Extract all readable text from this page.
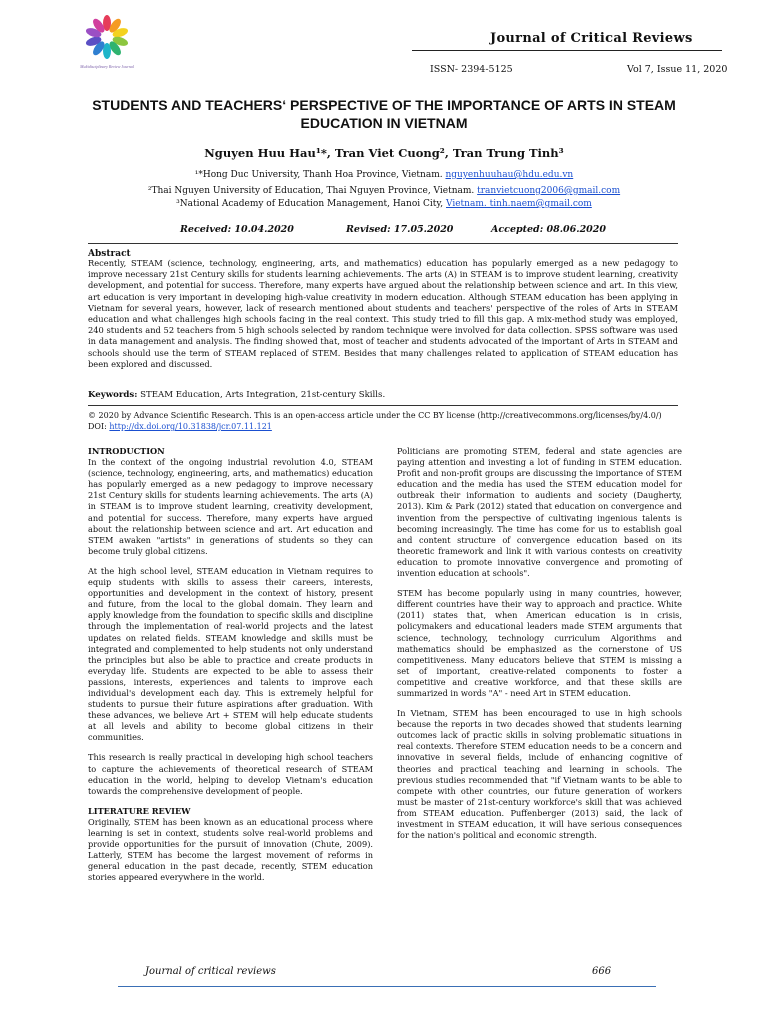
Multidisciplinary Review Journal
Journal of Critical Reviews
ISSN- 2394-5125	Vol 7, Issue 11, 2020
STUDENTS AND TEACHERS‘ PERSPECTIVE OF THE IMPORTANCE OF ARTS IN STEAM EDUCATION IN VIETNAM
Nguyen Huu Hau¹*, Tran Viet Cuong², Tran Trung Tinh³
¹*Hong Duc University, Thanh Hoa Province, Vietnam. nguyenhuuhau@hdu.edu.vn
²Thai Nguyen University of Education, Thai Nguyen Province, Vietnam. tranvietcuong2006@gmail.com
³National Academy of Education Management, Hanoi City, Vietnam. tinh.naem@gmail.com
Received: 10.04.2020	Revised: 17.05.2020	Accepted: 08.06.2020
Abstract
Recently, STEAM (science, technology, engineering, arts, and mathematics) education has popularly emerged as a new pedagogy to improve necessary 21st Century skills for students learning achievements. The arts (A) in STEAM is to improve student learning, creativity development, and potential for success. Therefore, many experts have argued about the relationship between science and art. In this view, art education is very important in developing high-value creativity in modern education. Although STEAM education has been applying in Vietnam for several years, however, lack of research mentioned about students and teachers' perspective of the roles of Arts in STEAM education and what challenges high schools facing in the real context. This study tried to fill this gap. A mix-method study was employed, 240 students and 52 teachers from 5 high schools selected by random technique were involved for data collection. SPSS software was used in data management and analysis. The finding showed that, most of teacher and students advocated of the important of Arts in STEAM and schools should use the term of STEAM replaced of STEM. Besides that many challenges related to application of STEAM education has been explored and discussed.
Keywords: STEAM Education, Arts Integration, 21st-century Skills.
© 2020 by Advance Scientific Research. This is an open-access article under the CC BY license (http://creativecommons.org/licenses/by/4.0/)
DOI: http://dx.doi.org/10.31838/jcr.07.11.121
INTRODUCTION

In the context of the ongoing industrial revolution 4.0, STEAM (science, technology, engineering, arts, and mathematics) education has popularly emerged as a new pedagogy to improve necessary 21st Century skills for students learning achievements. The arts (A) in STEAM is to improve student learning, creativity development, and potential for success. Therefore, many experts have argued about the relationship between science and art. Art education and STEM awaken "artists" in generations of students so they can become truly global citizens.

At the high school level, STEAM education in Vietnam requires to equip students with skills to assess their careers, interests, opportunities and development in the context of history, present and future, from the local to the global domain. They learn and apply knowledge from the foundation to specific skills and discipline through the implementation of real-world projects and the latest updates on related fields. STEAM knowledge and skills must be integrated and complemented to help students not only understand the principles but also be able to practice and create products in everyday life. Students are expected to be able to assess their passions, interests, experiences and talents to improve each individual's development each day. This is extremely helpful for students to pursue their future aspirations after graduation. With these advances, we believe Art + STEM will help educate students at all levels and ability to become global citizens in their communities.

This research is really practical in developing high school teachers to capture the achievements of theoretical research of STEAM education in the world, helping to develop Vietnam's education towards the comprehensive development of people.

LITERATURE REVIEW

Originally, STEM has been known as an educational process where learning is set in context, students solve real-world problems and provide opportunities for the pursuit of innovation (Chute, 2009). Latterly, STEM has become the largest movement of reforms in general education in the past decade, recently, STEM education stories appeared everywhere in the world.

Politicians are promoting STEM, federal and state agencies are paying attention and investing a lot of funding in STEM education. Profit and non-profit groups are discussing the importance of STEM education and the media has used the STEM education model for outbreak their information to audients and society (Daugherty, 2013). Kim & Park (2012) stated that education on convergence and invention from the perspective of cultivating ingenious talents is becoming increasingly. The time has come for us to establish goal and content structure of convergence education based on its theoretic framework and link it with various contests on creativity education to promote innovative convergence and promoting of invention education at schools".

STEM has become popularly using in many countries, however, different countries have their way to approach and practice. White (2011) states that, when American education is in crisis, policymakers and educational leaders made STEM arguments that science, technology, technology curriculum Algorithms and mathematics should be emphasized as the cornerstone of US competitiveness. Many educators believe that STEM is missing a set of important, creative-related components to foster a competitive and creative workforce, and that these skills are summarized in words "A" - need Art in STEM education.

In Vietnam, STEM has been encouraged to use in high schools because the reports in two decades showed that students learning outcomes lack of practic skills in solving problematic situations in real contexts. Therefore STEM education needs to be a concern and innovative in several fields, include of enhancing cognitive of theories and practical teaching and learning in schools. The previous studies recommended that "if Vietnam wants to be able to compete with other countries, our future generation of workers must be master of 21st-century workforce's skill that was achieved from STEAM education. Puffenberger (2013) said, the lack of investment in STEAM education, it will have serious consequences for the nation's political and economic strength.

Journal of critical reviews	666
